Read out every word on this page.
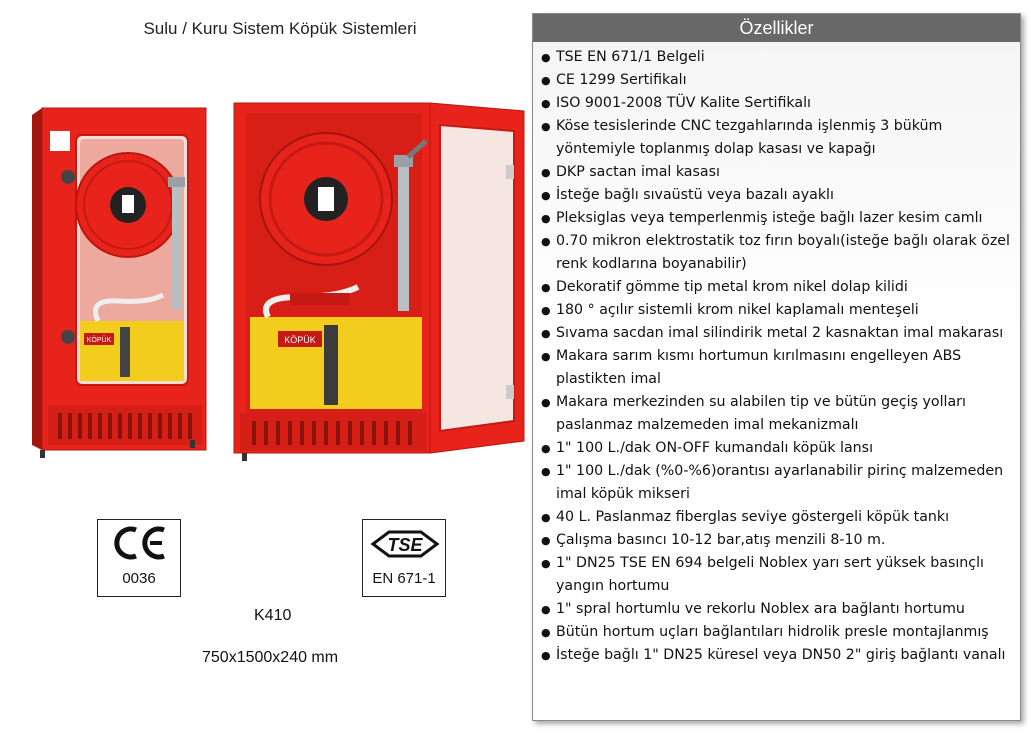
Sulu / Kuru Sistem Köpük Sistemleri
KÖPÜK	KÖPÜK
0036
TSE
EN 671-1
K410
750x1500x240 mm
Özellikler
● TSE EN 671/1 Belgeli
● CE 1299 Sertifikalı
● ISO 9001-2008 TÜV Kalite Sertifikalı
● Köse tesislerinde CNC tezgahlarında işlenmiş 3 büküm yöntemiyle toplanmış dolap kasası ve kapağı
● DKP sactan imal kasası
● İsteğe bağlı sıvaüstü veya bazalı ayaklı
● Pleksiglas veya temperlenmiş isteğe bağlı lazer kesim camlı
● 0.70 mikron elektrostatik toz fırın boyalı(isteğe bağlı olarak özel renk kodlarına boyanabilir)
● Dekoratif gömme tip metal krom nikel dolap kilidi
● 180 ° açılır sistemli krom nikel kaplamalı menteşeli
● Sıvama sacdan imal silindirik metal 2 kasnaktan imal makarası
● Makara sarım kısmı hortumun kırılmasını engelleyen ABS plastikten imal
● Makara merkezinden su alabilen tip ve bütün geçiş yolları paslanmaz malzemeden imal mekanizmalı
● 1" 100 L./dak ON-OFF kumandalı köpük lansı
● 1" 100 L./dak (%0-%6)orantısı ayarlanabilir pirinç malzemeden imal köpük mikseri
● 40 L. Paslanmaz fiberglas seviye göstergeli köpük tankı
● Çalışma basıncı 10-12 bar,atış menzili 8-10 m.
● 1" DN25 TSE EN 694 belgeli Noblex yarı sert yüksek basınçlı yangın hortumu
● 1" spral hortumlu ve rekorlu Noblex ara bağlantı hortumu
● Bütün hortum uçları bağlantıları hidrolik presle montajlanmış
● İsteğe bağlı 1" DN25 küresel veya DN50 2" giriş bağlantı vanalı
